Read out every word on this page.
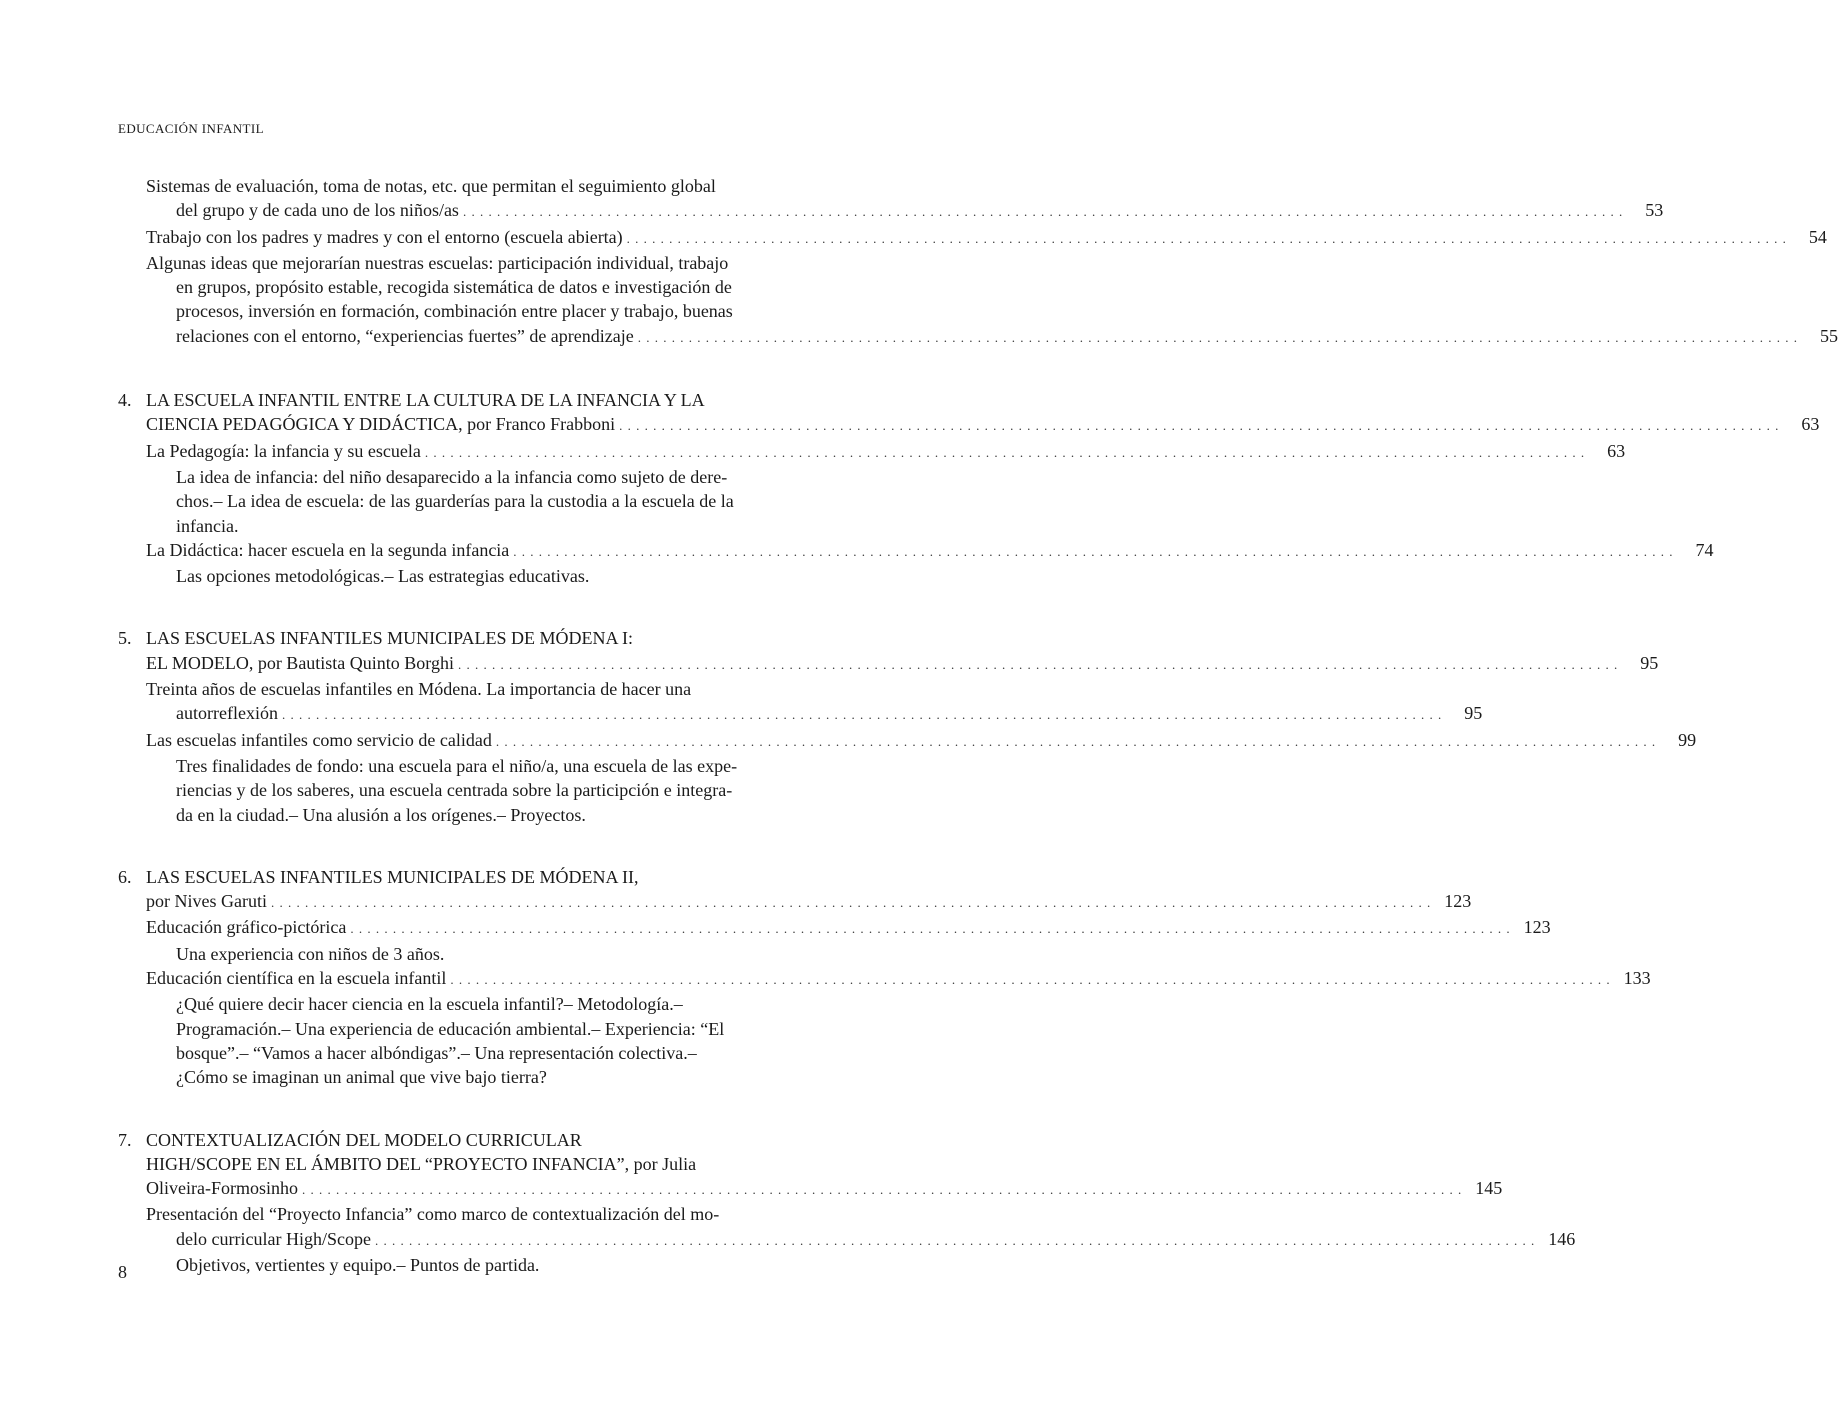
EDUCACIÓN INFANTIL
Sistemas de evaluación, toma de notas, etc. que permitan el seguimiento global
del grupo y de cada uno de los niños/as . . .	53
Trabajo con los padres y madres y con el entorno (escuela abierta) . . .	54
Algunas ideas que mejorarían nuestras escuelas: participación individual, trabajo
en grupos, propósito estable, recogida sistemática de datos e investigación de
procesos, inversión en formación, combinación entre placer y trabajo, buenas
relaciones con el entorno, “experiencias fuertes” de aprendizaje . . .	55
4. LA ESCUELA INFANTIL ENTRE LA CULTURA DE LA INFANCIA Y LA
CIENCIA PEDAGÓGICA Y DIDÁCTICA, por Franco Frabboni . . .	63
La Pedagogía: la infancia y su escuela . . .	63
La idea de infancia: del niño desaparecido a la infancia como sujeto de dere-
chos.– La idea de escuela: de las guarderías para la custodia a la escuela de la
infancia.
La Didáctica: hacer escuela en la segunda infancia . . .	74
Las opciones metodológicas.– Las estrategias educativas.
5. LAS ESCUELAS INFANTILES MUNICIPALES DE MÓDENA I:
EL MODELO, por Bautista Quinto Borghi . . .	95
Treinta años de escuelas infantiles en Módena. La importancia de hacer una
autorreflexión . . .	95
Las escuelas infantiles como servicio de calidad . . .	99
Tres finalidades de fondo: una escuela para el niño/a, una escuela de las expe-
riencias y de los saberes, una escuela centrada sobre la participción e integra-
da en la ciudad.– Una alusión a los orígenes.– Proyectos.
6. LAS ESCUELAS INFANTILES MUNICIPALES DE MÓDENA II,
por Nives Garuti . . .	123
Educación gráfico-pictórica . . .	123
Una experiencia con niños de 3 años.
Educación científica en la escuela infantil . . .	133
¿Qué quiere decir hacer ciencia en la escuela infantil?– Metodología.–
Programación.– Una experiencia de educación ambiental.– Experiencia: “El
bosque”.– “Vamos a hacer albóndigas”.– Una representación colectiva.–
¿Cómo se imaginan un animal que vive bajo tierra?
7. CONTEXTUALIZACIÓN DEL MODELO CURRICULAR
HIGH/SCOPE EN EL ÁMBITO DEL “PROYECTO INFANCIA”, por Julia
Oliveira-Formosinho . . .	145
Presentación del “Proyecto Infancia” como marco de contextualización del mo-
delo curricular High/Scope . . .	146
Objetivos, vertientes y equipo.– Puntos de partida.
8
